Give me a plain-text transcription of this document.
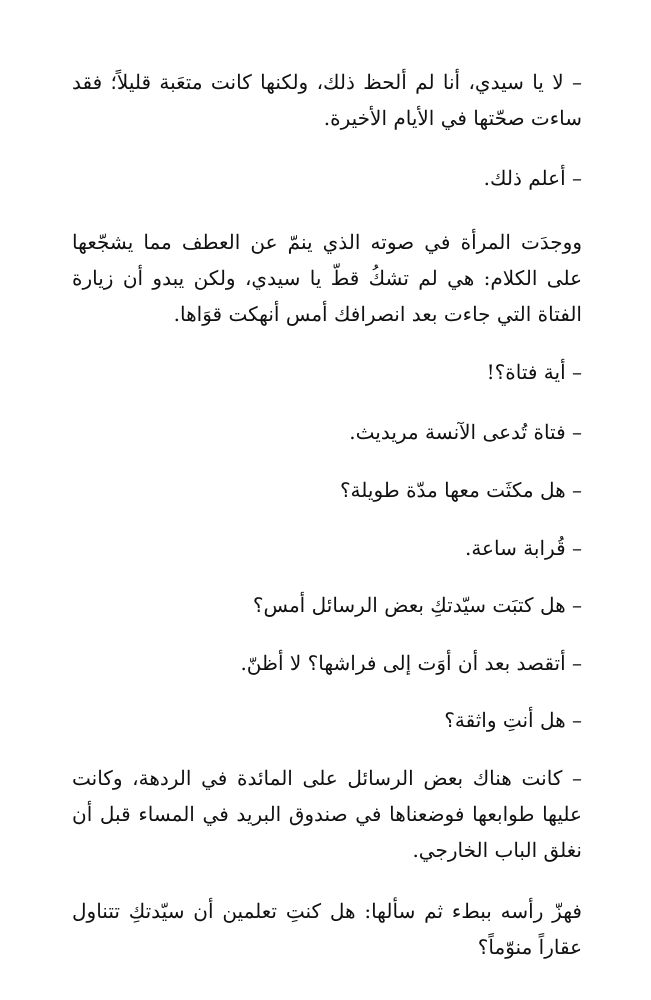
– لا يا سيدي، أنا لم ألحظ ذلك، ولكنها كانت متعَبة قليلاً؛ فقد ساءت صحّتها في الأيام الأخيرة.
– أعلم ذلك.
ووجدَت المرأة في صوته الذي ينمّ عن العطف مما يشجّعها على الكلام: هي لم تشكُ قطّ يا سيدي، ولكن يبدو أن زيارة الفتاة التي جاءت بعد انصرافك أمس أنهكت قوَاها.
– أية فتاة؟!
– فتاة تُدعى الآنسة مريديث.
– هل مكثَت معها مدّة طويلة؟
– قُرابة ساعة.
– هل كتبَت سيّدتكِ بعض الرسائل أمس؟
– أتقصد بعد أن أوَت إلى فراشها؟ لا أظنّ.
– هل أنتِ واثقة؟
– كانت هناك بعض الرسائل على المائدة في الردهة، وكانت عليها طوابعها فوضعناها في صندوق البريد في المساء قبل أن نغلق الباب الخارجي.
فهزّ رأسه ببطء ثم سألها: هل كنتِ تعلمين أن سيّدتكِ تتناول عقاراً منوّماً؟
